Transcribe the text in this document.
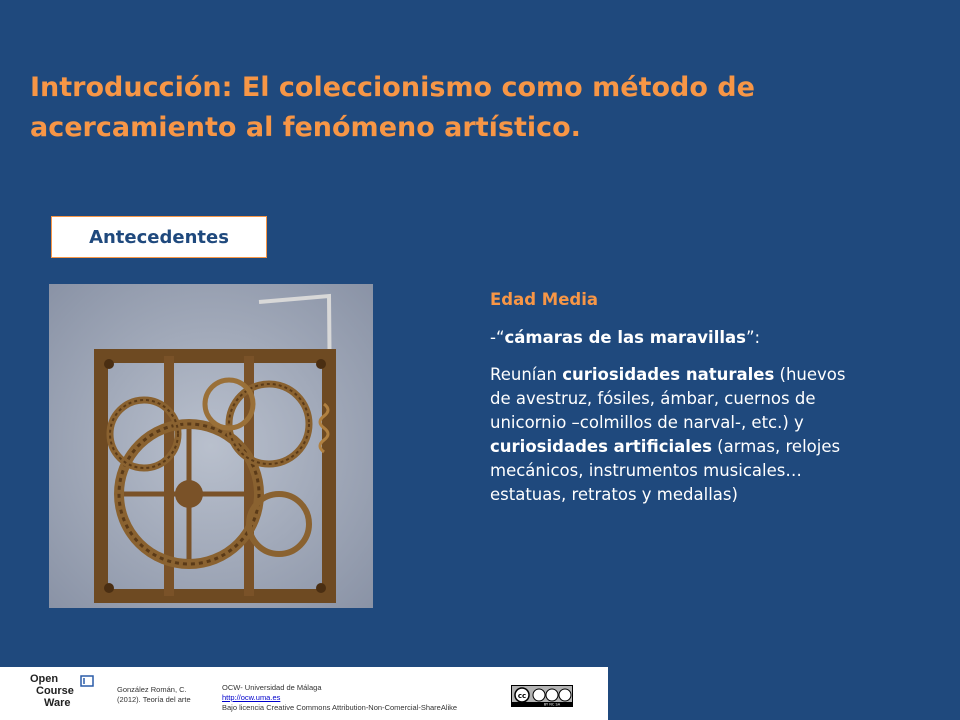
Introducción: El coleccionismo como método de acercamiento al fenómeno artístico.
Antecedentes

Edad Media

-“cámaras de las maravillas”:

Reunían curiosidades naturales (huevos de avestruz, fósiles, ámbar, cuernos de unicornio –colmillos de narval-, etc.) y curiosidades artificiales (armas, relojes mecánicos, instrumentos musicales… estatuas, retratos y medallas)

Open
Course
Ware
González Román, C.
(2012). Teoría del arte
OCW- Universidad de Málaga
http://ocw.uma.es
Bajo licencia Creative Commons Attribution-Non-Comercial-ShareAlike
cc
BY NC SA
